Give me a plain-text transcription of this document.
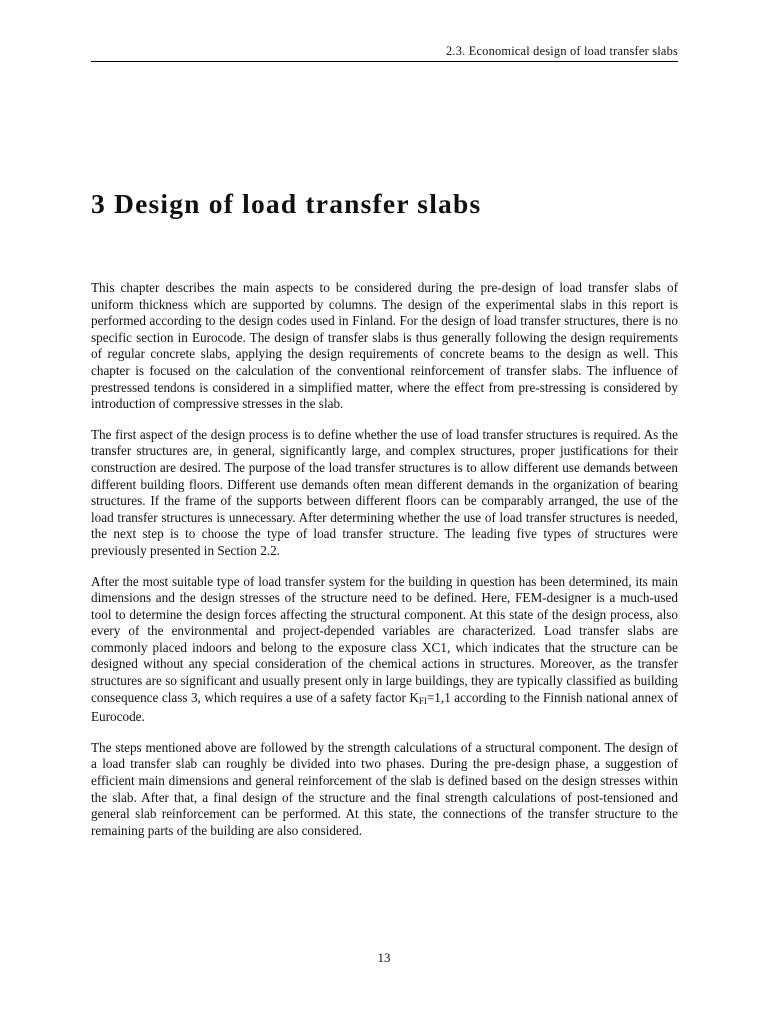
2.3. Economical design of load transfer slabs
3 Design of load transfer slabs

This chapter describes the main aspects to be considered during the pre-design of load transfer slabs of uniform thickness which are supported by columns. The design of the experimental slabs in this report is performed according to the design codes used in Finland. For the design of load transfer structures, there is no specific section in Eurocode. The design of transfer slabs is thus generally following the design requirements of regular concrete slabs, applying the design requirements of concrete beams to the design as well. This chapter is focused on the calculation of the conventional reinforcement of transfer slabs. The influence of prestressed tendons is considered in a simplified matter, where the effect from pre-stressing is considered by introduction of compressive stresses in the slab.

The first aspect of the design process is to define whether the use of load transfer structures is required. As the transfer structures are, in general, significantly large, and complex structures, proper justifications for their construction are desired. The purpose of the load transfer structures is to allow different use demands between different building floors. Different use demands often mean different demands in the organization of bearing structures. If the frame of the supports between different floors can be comparably arranged, the use of the load transfer structures is unnecessary. After determining whether the use of load transfer structures is needed, the next step is to choose the type of load transfer structure. The leading five types of structures were previously presented in Section 2.2.

After the most suitable type of load transfer system for the building in question has been determined, its main dimensions and the design stresses of the structure need to be defined. Here, FEM-designer is a much-used tool to determine the design forces affecting the structural component. At this state of the design process, also every of the environmental and project-depended variables are characterized. Load transfer slabs are commonly placed indoors and belong to the exposure class XC1, which indicates that the structure can be designed without any special consideration of the chemical actions in structures. Moreover, as the transfer structures are so significant and usually present only in large buildings, they are typically classified as building consequence class 3, which requires a use of a safety factor $K_{FI}=1,1$ according to the Finnish national annex of Eurocode.

The steps mentioned above are followed by the strength calculations of a structural component. The design of a load transfer slab can roughly be divided into two phases. During the pre-design phase, a suggestion of efficient main dimensions and general reinforcement of the slab is defined based on the design stresses within the slab. After that, a final design of the structure and the final strength calculations of post-tensioned and general slab reinforcement can be performed. At this state, the connections of the transfer structure to the remaining parts of the building are also considered.

13
